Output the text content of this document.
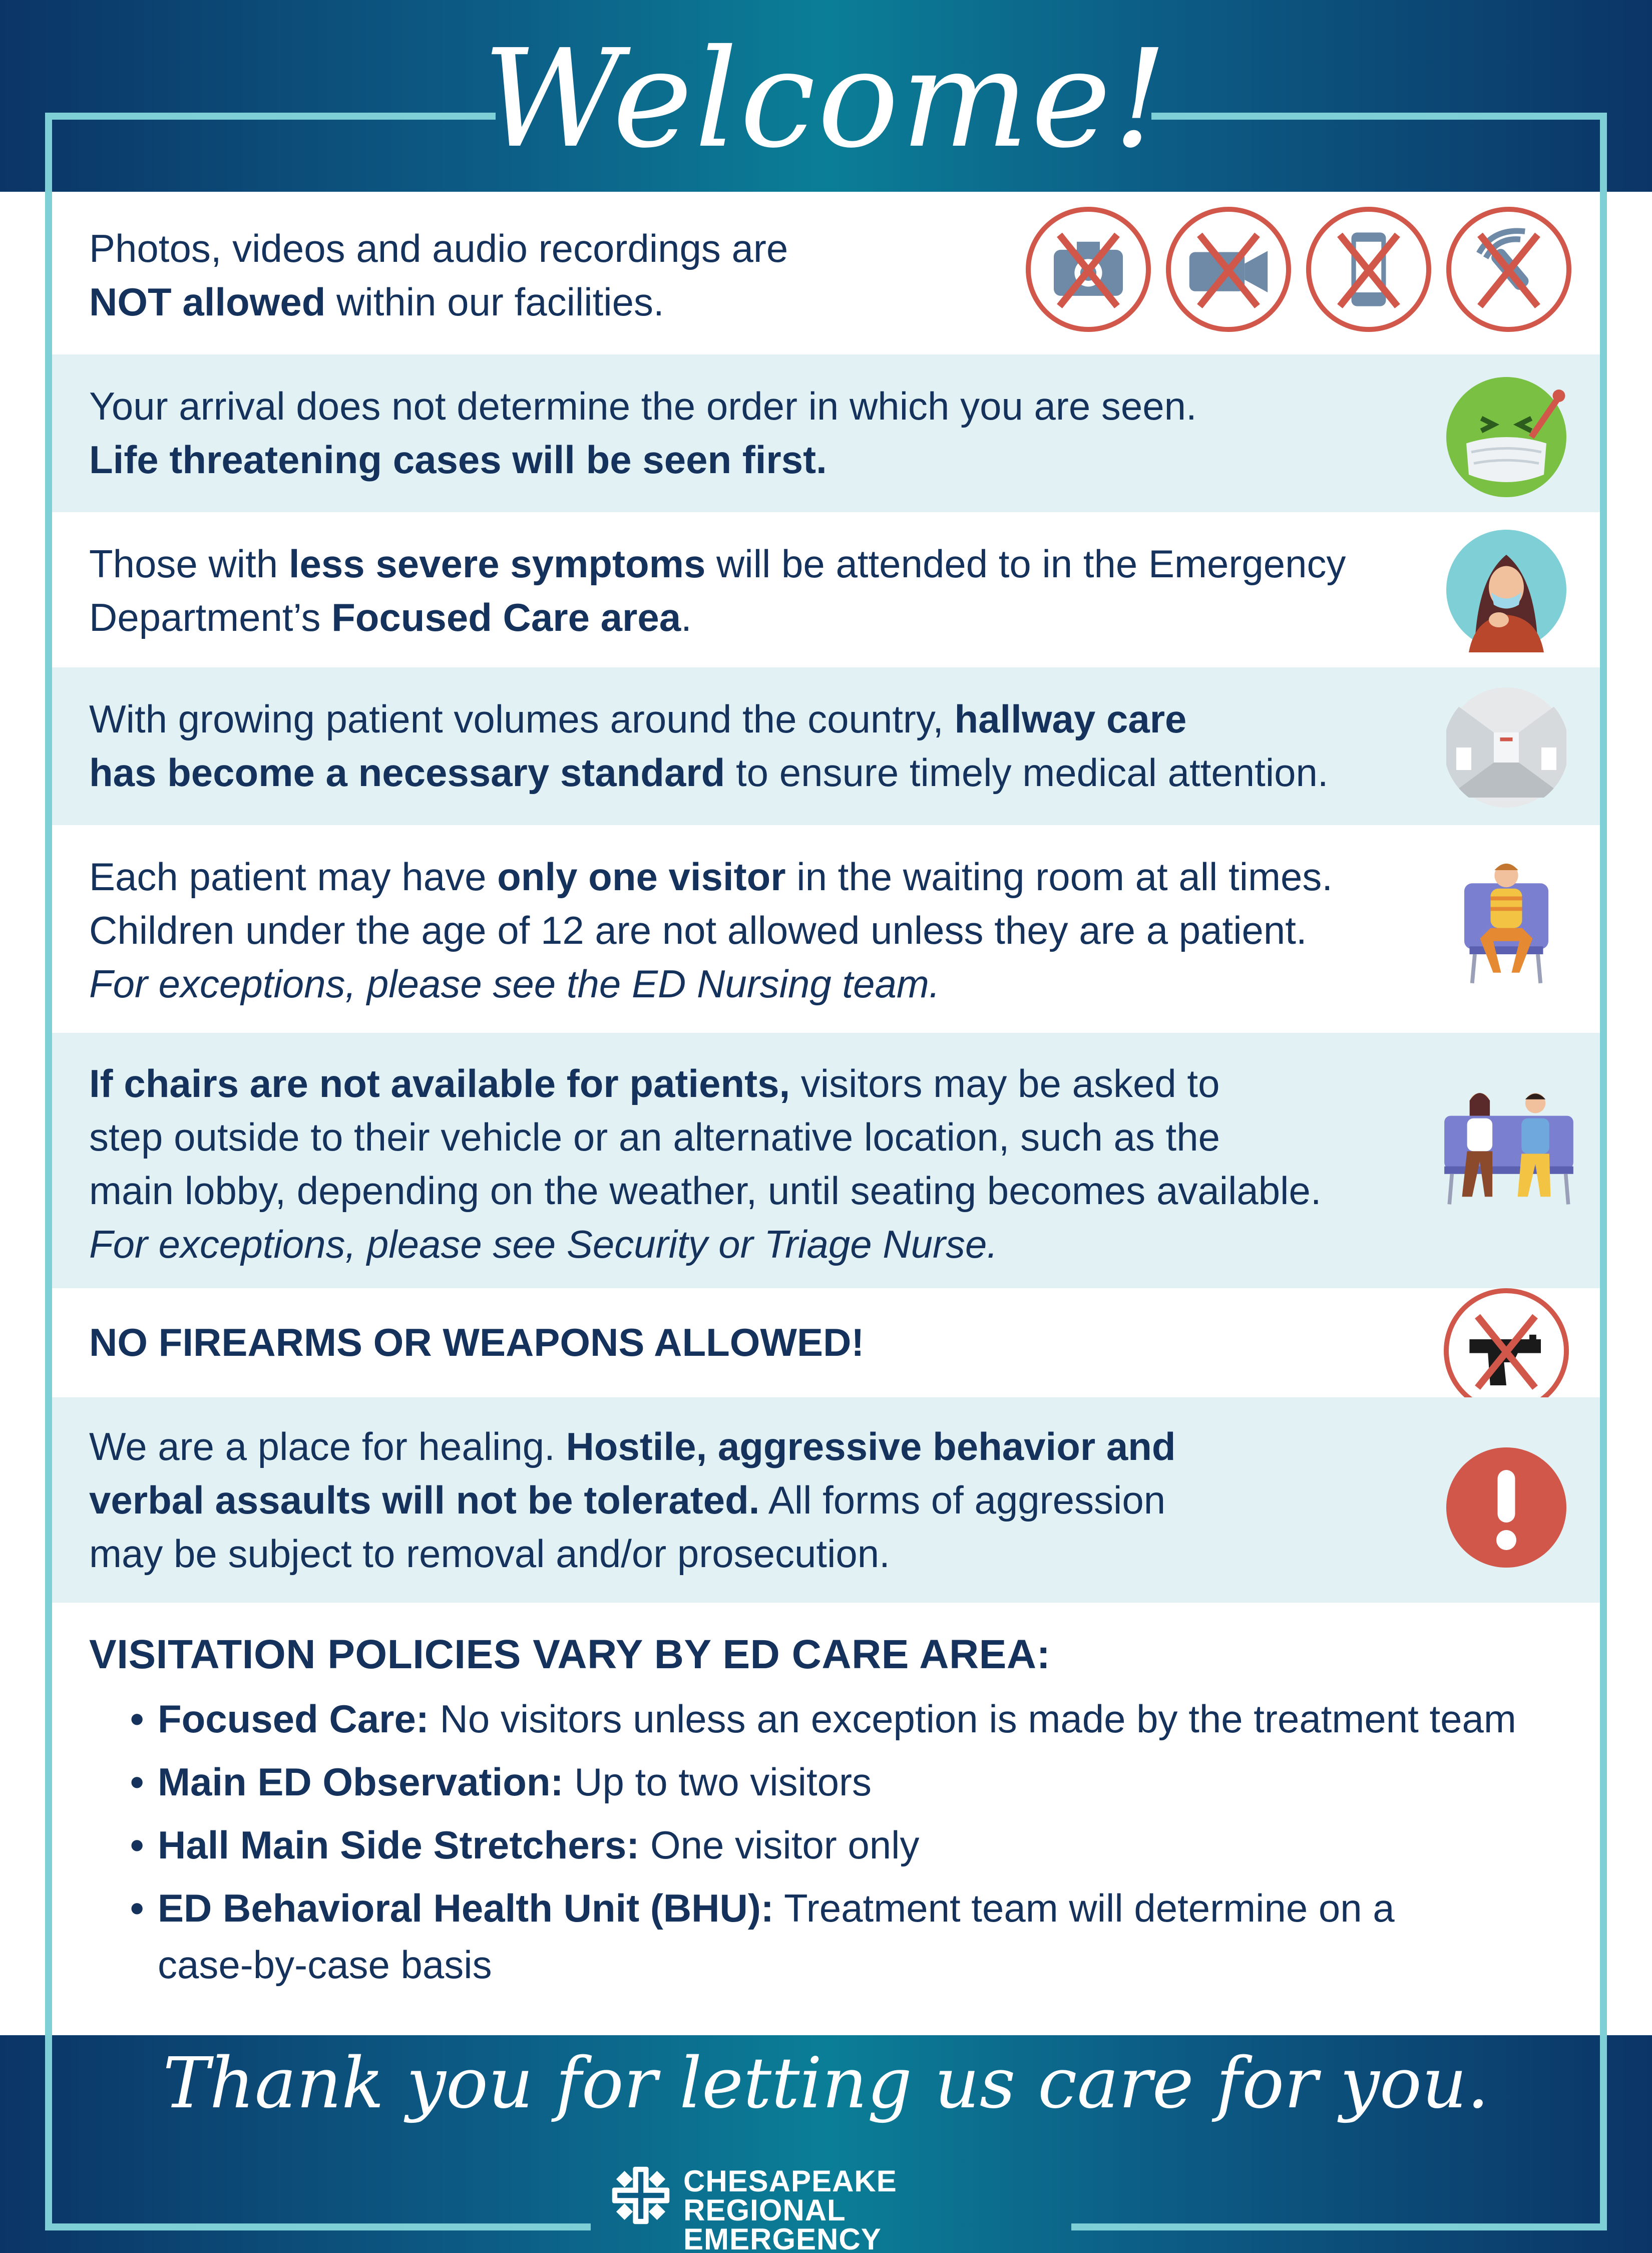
Welcome!
Photos, videos and audio recordings are
NOT allowed within our facilities.
Your arrival does not determine the order in which you are seen.
Life threatening cases will be seen first.
Those with less severe symptoms will be attended to in the Emergency
Department’s Focused Care area.
With growing patient volumes around the country, hallway care
has become a necessary standard to ensure timely medical attention.
Each patient may have only one visitor in the waiting room at all times.
Children under the age of 12 are not allowed unless they are a patient.
For exceptions, please see the ED Nursing team.
If chairs are not available for patients, visitors may be asked to
step outside to their vehicle or an alternative location, such as the
main lobby, depending on the weather, until seating becomes available.
For exceptions, please see Security or Triage Nurse.
NO FIREARMS OR WEAPONS ALLOWED!
We are a place for healing. Hostile, aggressive behavior and
verbal assaults will not be tolerated. All forms of aggression
may be subject to removal and/or prosecution.
VISITATION POLICIES VARY BY ED CARE AREA:
• Focused Care: No visitors unless an exception is made by the treatment team
• Main ED Observation: Up to two visitors
• Hall Main Side Stretchers: One visitor only
• ED Behavioral Health Unit (BHU): Treatment team will determine on a
case-by-case basis
Thank you for letting us care for you.
CHESAPEAKE REGIONAL
EMERGENCY
